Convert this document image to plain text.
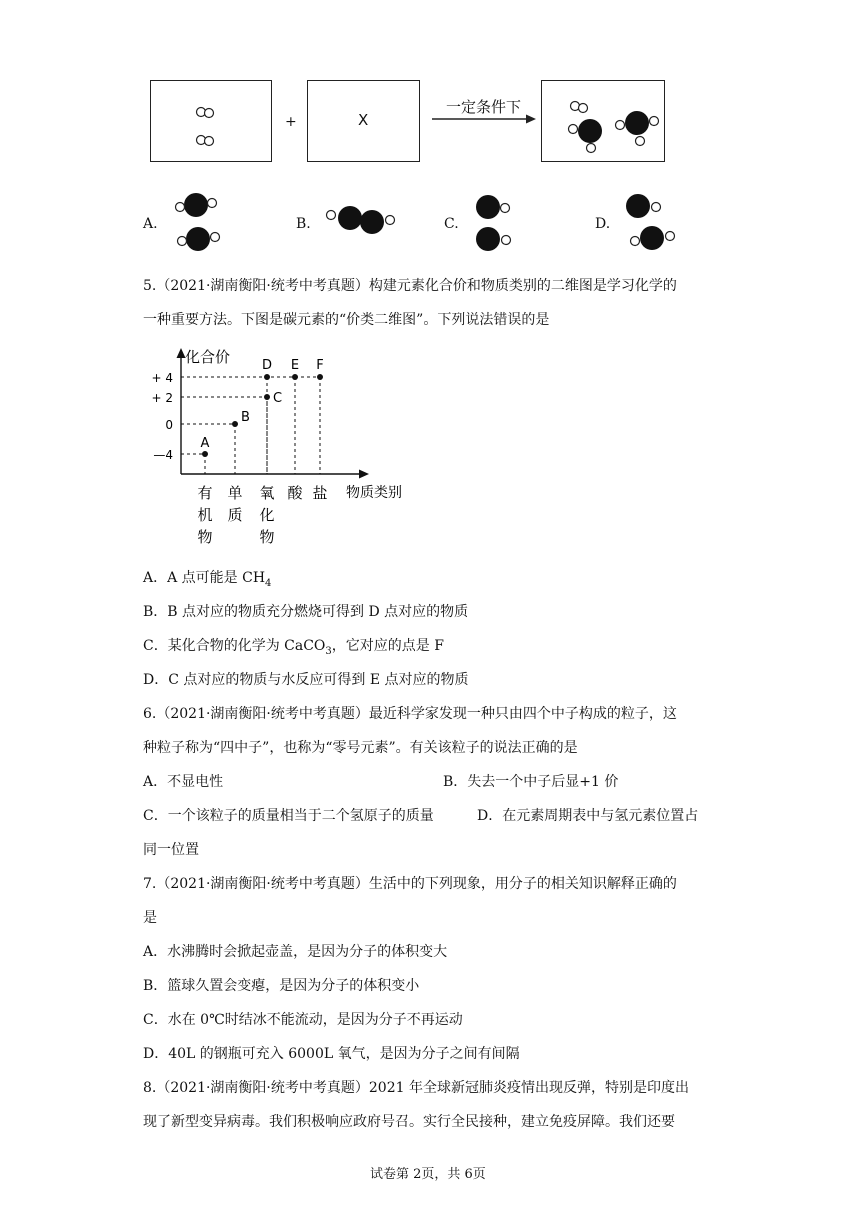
+	X
一定条件下
A.	B.	C.	D.
5.（2021·湖南衡阳·统考中考真题）构建元素化合价和物质类别的二维图是学习化学的
一种重要方法。下图是碳元素的“价类二维图”。下列说法错误的是
化合价
物质类别
+ 4
+ 2
0
—4
有
机
物
单
质
氧
化
物
酸 盐
A
B
C
D E F
A．A 点可能是 $CH_4$
B．B 点对应的物质充分燃烧可得到 D 点对应的物质
C．某化合物的化学为 CaCO$_3$，它对应的点是 F
D．C 点对应的物质与水反应可得到 E 点对应的物质
6.（2021·湖南衡阳·统考中考真题）最近科学家发现一种只由四个中子构成的粒子，这
种粒子称为“四中子”，也称为“零号元素”。有关该粒子的说法正确的是
A．不显电性	B．失去一个中子后显+1 价
C．一个该粒子的质量相当于二个氢原子的质量	D．在元素周期表中与氢元素位置占
同一位置
7.（2021·湖南衡阳·统考中考真题）生活中的下列现象，用分子的相关知识解释正确的
是
A．水沸腾时会掀起壶盖，是因为分子的体积变大
B．篮球久置会变瘪，是因为分子的体积变小
C．水在 0℃时结冰不能流动，是因为分子不再运动
D．40L 的钢瓶可充入 6000L 氧气，是因为分子之间有间隔
8.（2021·湖南衡阳·统考中考真题）2021 年全球新冠肺炎疫情出现反弹，特别是印度出
现了新型变异病毒。我们积极响应政府号召。实行全民接种，建立免疫屏障。我们还要
试卷第 2页，共 6页
